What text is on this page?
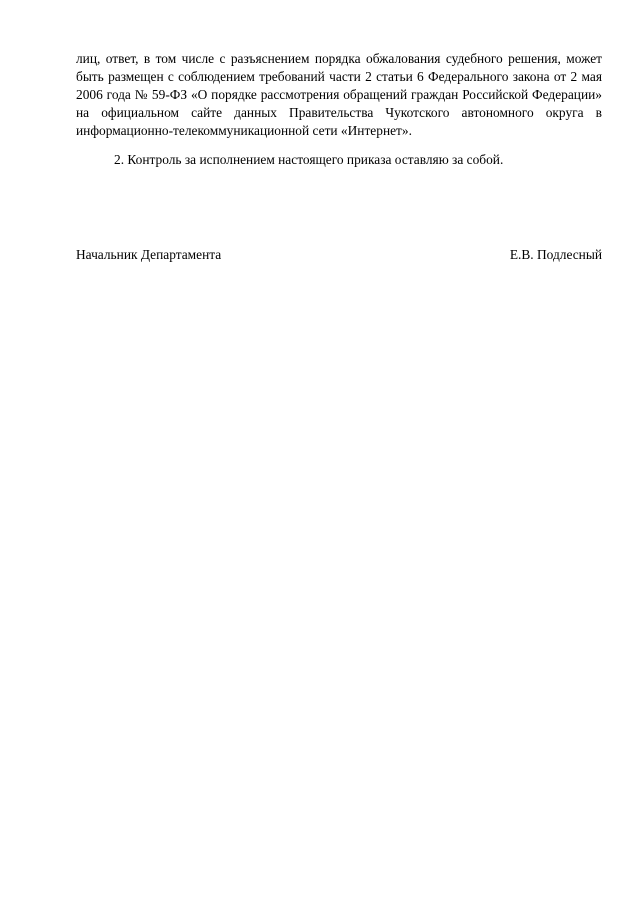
лиц, ответ, в том числе с разъяснением порядка обжалования судебного решения, может быть размещен с соблюдением требований части 2 статьи 6 Федерального закона от 2 мая 2006 года № 59-ФЗ «О порядке рассмотрения обращений граждан Российской Федерации» на официальном сайте данных Правительства Чукотского автономного округа в информационно-телекоммуникационной сети «Интернет».

2. Контроль за исполнением настоящего приказа оставляю за собой.

Начальник Департамента	Е.В. Подлесный
